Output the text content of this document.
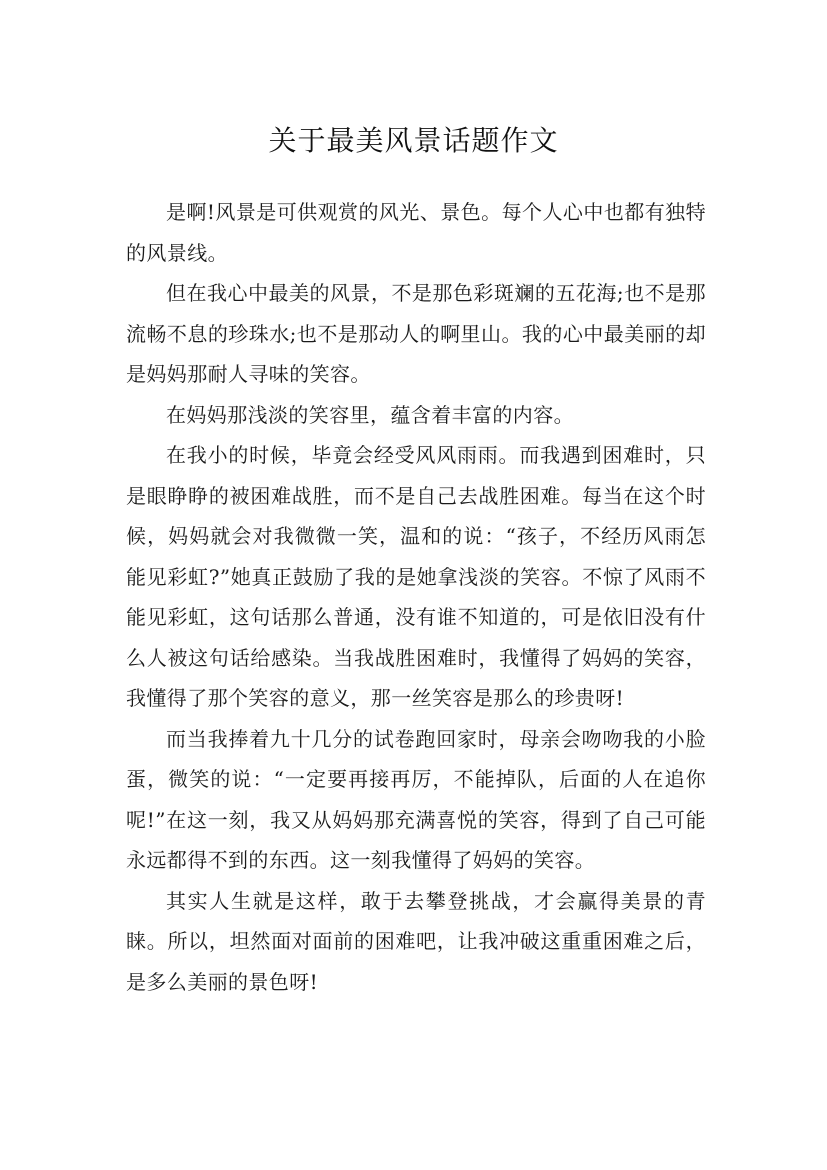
关于最美风景话题作文

是啊!风景是可供观赏的风光、景色。每个人心中也都有独特的风景线。

但在我心中最美的风景，不是那色彩斑斓的五花海;也不是那流畅不息的珍珠水;也不是那动人的啊里山。我的心中最美丽的却是妈妈那耐人寻味的笑容。

在妈妈那浅淡的笑容里，蕴含着丰富的内容。

在我小的时候，毕竟会经受风风雨雨。而我遇到困难时，只是眼睁睁的被困难战胜，而不是自己去战胜困难。每当在这个时候，妈妈就会对我微微一笑，温和的说：“孩子，不经历风雨怎能见彩虹?”她真正鼓励了我的是她拿浅淡的笑容。不惊了风雨不能见彩虹，这句话那么普通，没有谁不知道的，可是依旧没有什么人被这句话给感染。当我战胜困难时，我懂得了妈妈的笑容，我懂得了那个笑容的意义，那一丝笑容是那么的珍贵呀!

而当我捧着九十几分的试卷跑回家时，母亲会吻吻我的小脸蛋，微笑的说：“一定要再接再厉，不能掉队，后面的人在追你呢!”在这一刻，我又从妈妈那充满喜悦的笑容，得到了自己可能永远都得不到的东西。这一刻我懂得了妈妈的笑容。

其实人生就是这样，敢于去攀登挑战，才会赢得美景的青睐。所以，坦然面对面前的困难吧，让我冲破这重重困难之后，是多么美丽的景色呀!
